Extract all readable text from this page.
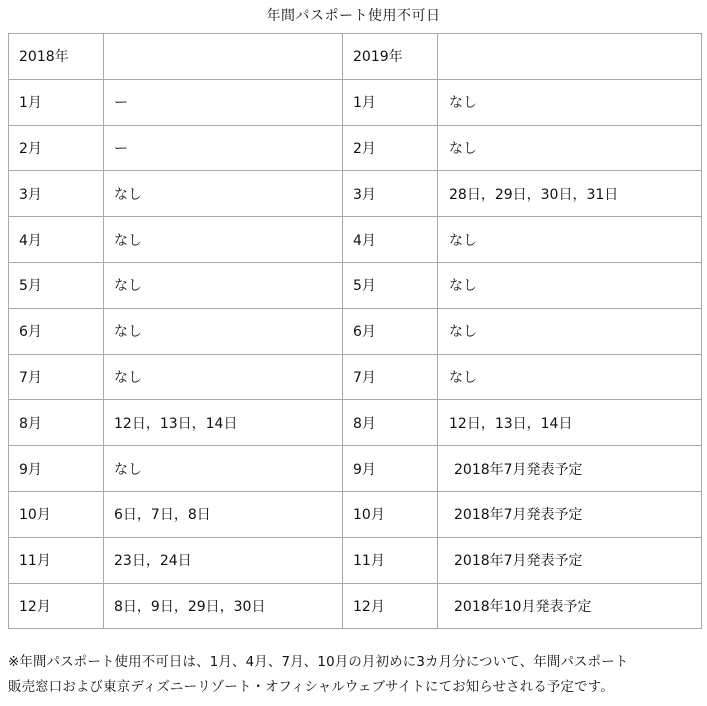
年間パスポート使用不可日
2018年		2019年	
1月	ー	1月	なし
2月	ー	2月	なし
3月	なし	3月	28日，29日，30日，31日
4月	なし	4月	なし
5月	なし	5月	なし
6月	なし	6月	なし
7月	なし	7月	なし
8月	12日，13日，14日	8月	12日，13日，14日
9月	なし	9月	2018年7月発表予定
10月	6日，7日，8日	10月	2018年7月発表予定
11月	23日，24日	11月	2018年7月発表予定
12月	8日，9日，29日，30日	12月	2018年10月発表予定
※年間パスポート使用不可日は、1月、4月、7月、10月の月初めに3カ月分について、年間パスポート
販売窓口および東京ディズニーリゾート・オフィシャルウェブサイトにてお知らせされる予定です。
